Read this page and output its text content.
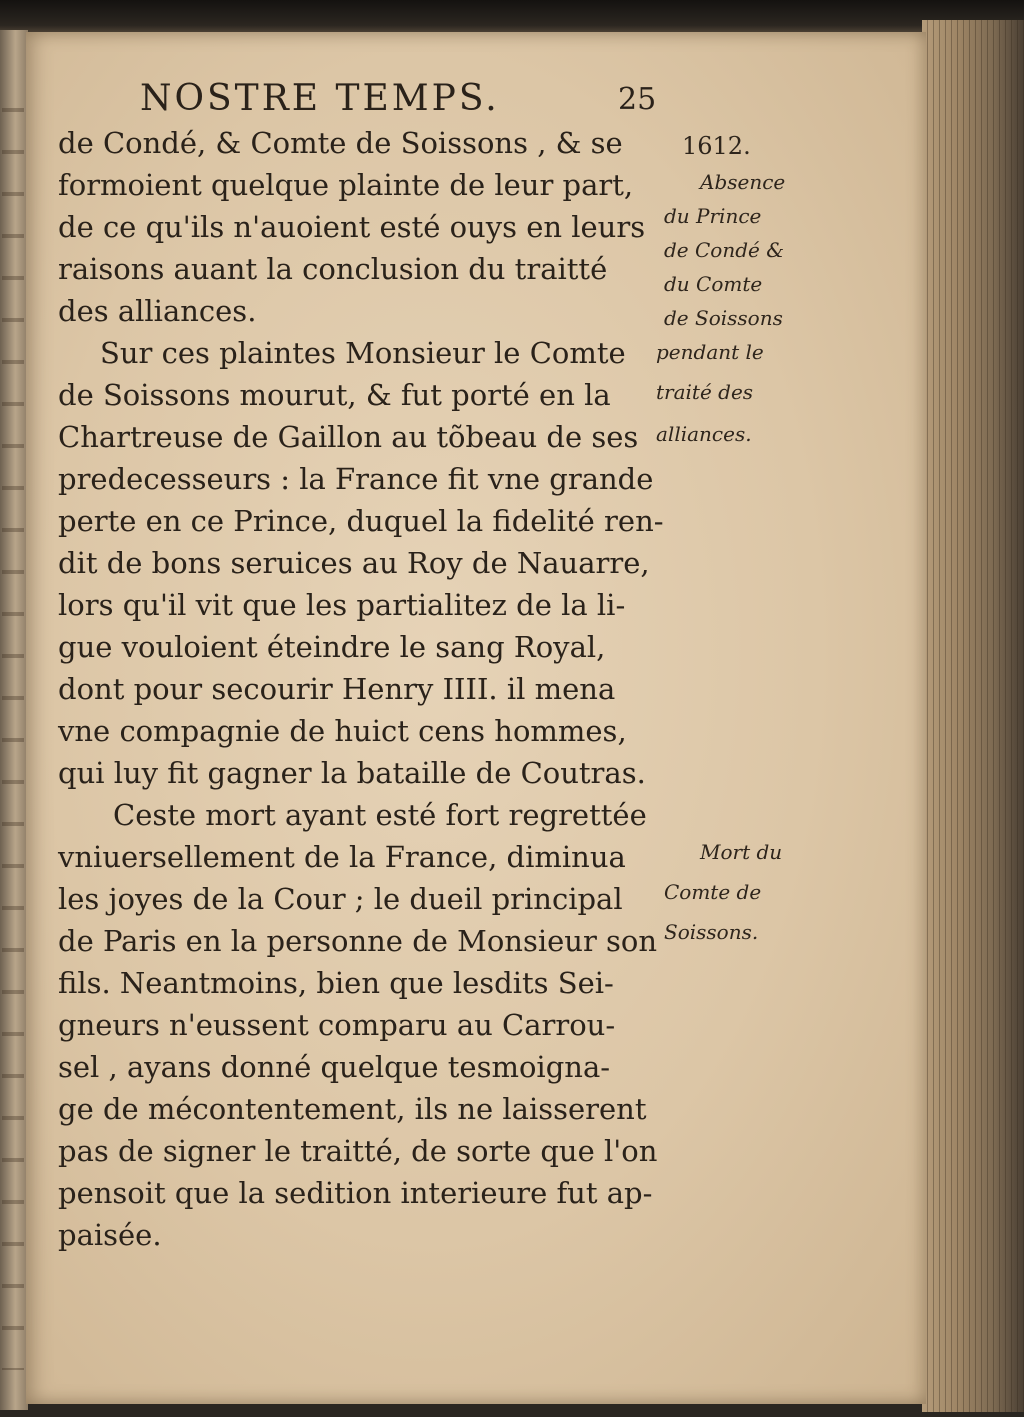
NOSTRE TEMPS.	25
de Condé, & Comte de Soissons , & se
formoient quelque plainte de leur part,
de ce qu'ils n'auoient esté ouys en leurs
raisons auant la conclusion du traitté
des alliances.
Sur ces plaintes Monsieur le Comte
de Soissons mourut, & fut porté en la
Chartreuse de Gaillon au tõbeau de ses
predecesseurs : la France fit vne grande
perte en ce Prince, duquel la fidelité ren-
dit de bons seruices au Roy de Nauarre,
lors qu'il vit que les partialitez de la li-
gue vouloient éteindre le sang Royal,
dont pour secourir Henry IIII. il mena
vne compagnie de huict cens hommes,
qui luy fit gagner la bataille de Coutras.
Ceste mort ayant esté fort regrettée
vniuersellement de la France, diminua
les joyes de la Cour ; le dueil principal
de Paris en la personne de Monsieur son
fils. Neantmoins, bien que lesdits Sei-
gneurs n'eussent comparu au Carrou-
sel , ayans donné quelque tesmoigna-
ge de mécontentement, ils ne laisserent
pas de signer le traitté, de sorte que l'on
pensoit que la sedition interieure fut ap-
paisée.
1612.
Absence
du Prince
de Condé &
du Comte
de Soissons
pendant le
traité des
alliances.
Mort du
Comte de
Soissons.
